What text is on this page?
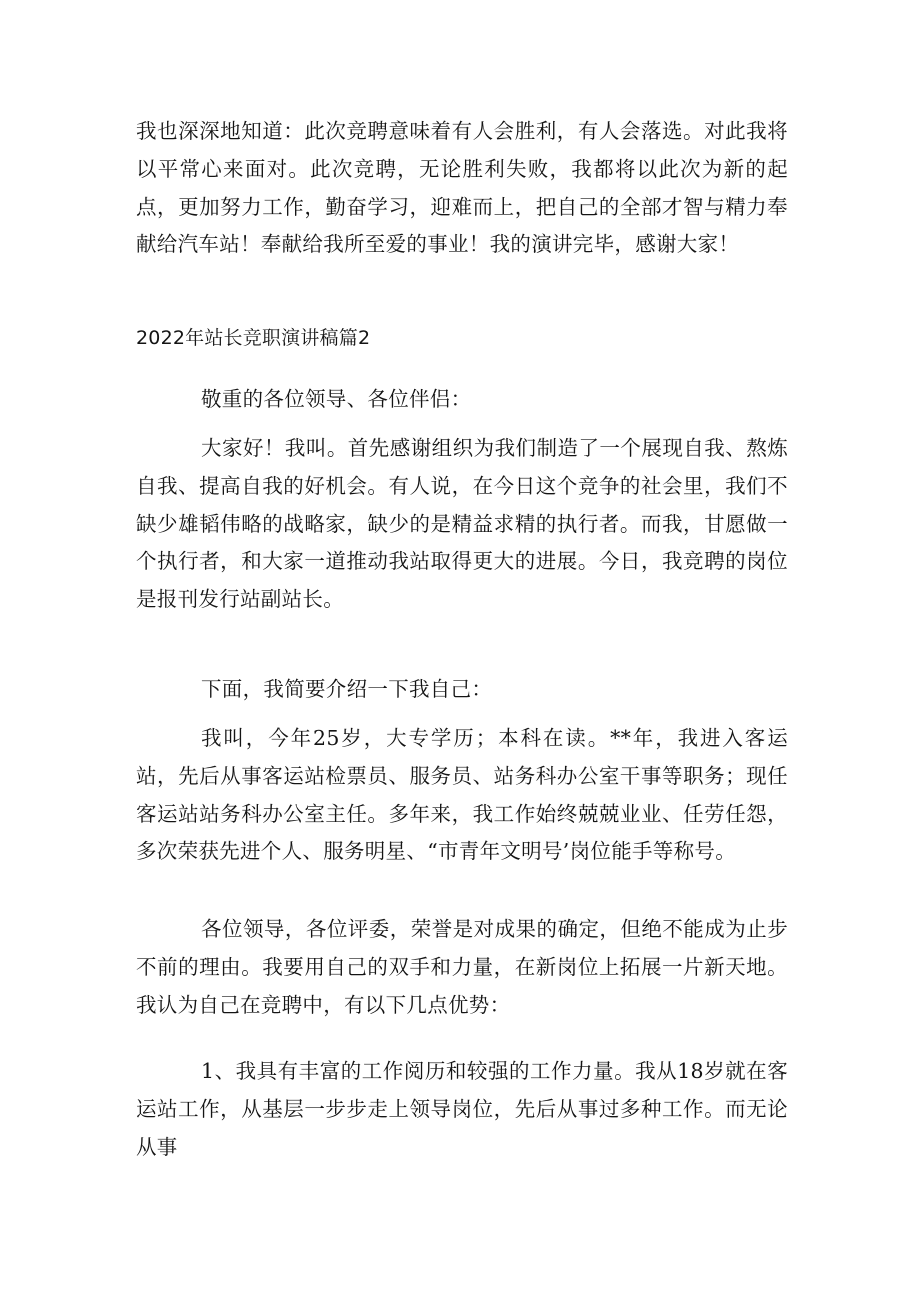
我也深深地知道：此次竞聘意味着有人会胜利，有人会落选。对此我将以平常心来面对。此次竞聘，无论胜利失败，我都将以此次为新的起点，更加努力工作，勤奋学习，迎难而上，把自己的全部才智与精力奉献给汽车站！奉献给我所至爱的事业！我的演讲完毕，感谢大家！

2022年站长竞职演讲稿篇2

敬重的各位领导、各位伴侣：

大家好！我叫。首先感谢组织为我们制造了一个展现自我、熬炼自我、提高自我的好机会。有人说，在今日这个竞争的社会里，我们不缺少雄韬伟略的战略家，缺少的是精益求精的执行者。而我，甘愿做一个执行者，和大家一道推动我站取得更大的进展。今日，我竞聘的岗位是报刊发行站副站长。

下面，我简要介绍一下我自己：

我叫，今年25岁，大专学历；本科在读。**年，我进入客运站，先后从事客运站检票员、服务员、站务科办公室干事等职务；现任客运站站务科办公室主任。多年来，我工作始终兢兢业业、任劳任怨，多次荣获先进个人、服务明星、“市青年文明号’岗位能手等称号。

各位领导，各位评委，荣誉是对成果的确定，但绝不能成为止步不前的理由。我要用自己的双手和力量，在新岗位上拓展一片新天地。我认为自己在竞聘中，有以下几点优势：

1、我具有丰富的工作阅历和较强的工作力量。我从18岁就在客运站工作，从基层一步步走上领导岗位，先后从事过多种工作。而无论从事
